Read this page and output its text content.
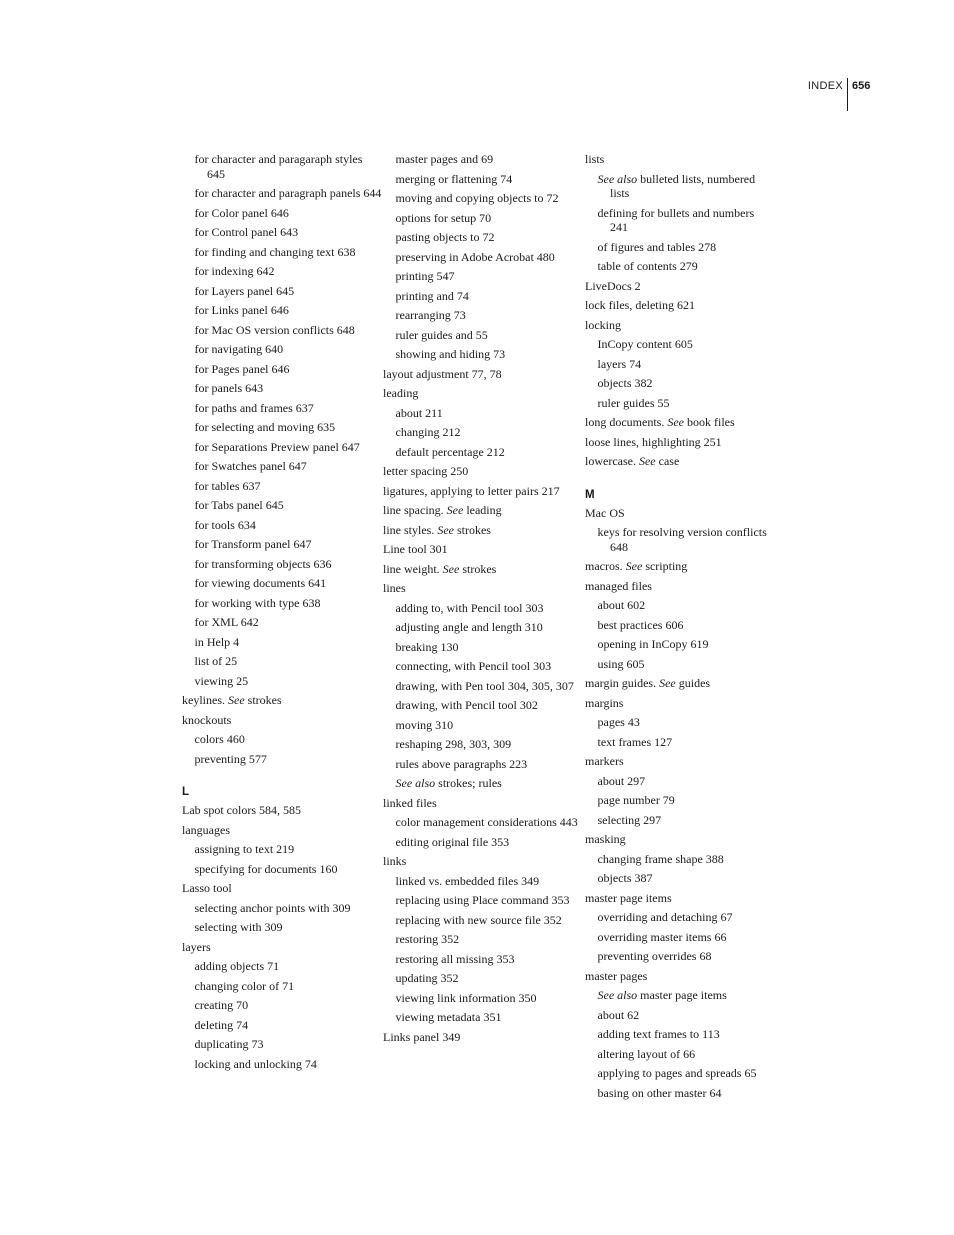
INDEX 656
for character and paragaraph styles 645
for character and paragraph panels 644
for Color panel 646
for Control panel 643
for finding and changing text 638
for indexing 642
for Layers panel 645
for Links panel 646
for Mac OS version conflicts 648
for navigating 640
for Pages panel 646
for panels 643
for paths and frames 637
for selecting and moving 635
for Separations Preview panel 647
for Swatches panel 647
for tables 637
for Tabs panel 645
for tools 634
for Transform panel 647
for transforming objects 636
for viewing documents 641
for working with type 638
for XML 642
in Help 4
list of 25
viewing 25
keylines. See strokes
knockouts
colors 460
preventing 577
L
Lab spot colors 584, 585
languages
assigning to text 219
specifying for documents 160
Lasso tool
selecting anchor points with 309
selecting with 309
layers
adding objects 71
changing color of 71
creating 70
deleting 74
duplicating 73
locking and unlocking 74
master pages and 69
merging or flattening 74
moving and copying objects to 72
options for setup 70
pasting objects to 72
preserving in Adobe Acrobat 480
printing 547
printing and 74
rearranging 73
ruler guides and 55
showing and hiding 73
layout adjustment 77, 78
leading
about 211
changing 212
default percentage 212
letter spacing 250
ligatures, applying to letter pairs 217
line spacing. See leading
line styles. See strokes
Line tool 301
line weight. See strokes
lines
adding to, with Pencil tool 303
adjusting angle and length 310
breaking 130
connecting, with Pencil tool 303
drawing, with Pen tool 304, 305, 307
drawing, with Pencil tool 302
moving 310
reshaping 298, 303, 309
rules above paragraphs 223
See also strokes; rules
linked files
color management considerations 443
editing original file 353
links
linked vs. embedded files 349
replacing using Place command 353
replacing with new source file 352
restoring 352
restoring all missing 353
updating 352
viewing link information 350
viewing metadata 351
Links panel 349
lists
See also bulleted lists, numbered lists
defining for bullets and numbers 241
of figures and tables 278
table of contents 279
LiveDocs 2
lock files, deleting 621
locking
InCopy content 605
layers 74
objects 382
ruler guides 55
long documents. See book files
loose lines, highlighting 251
lowercase. See case
M
Mac OS
keys for resolving version conflicts 648
macros. See scripting
managed files
about 602
best practices 606
opening in InCopy 619
using 605
margin guides. See guides
margins
pages 43
text frames 127
markers
about 297
page number 79
selecting 297
masking
changing frame shape 388
objects 387
master page items
overriding and detaching 67
overriding master items 66
preventing overrides 68
master pages
See also master page items
about 62
adding text frames to 113
altering layout of 66
applying to pages and spreads 65
basing on other master 64
